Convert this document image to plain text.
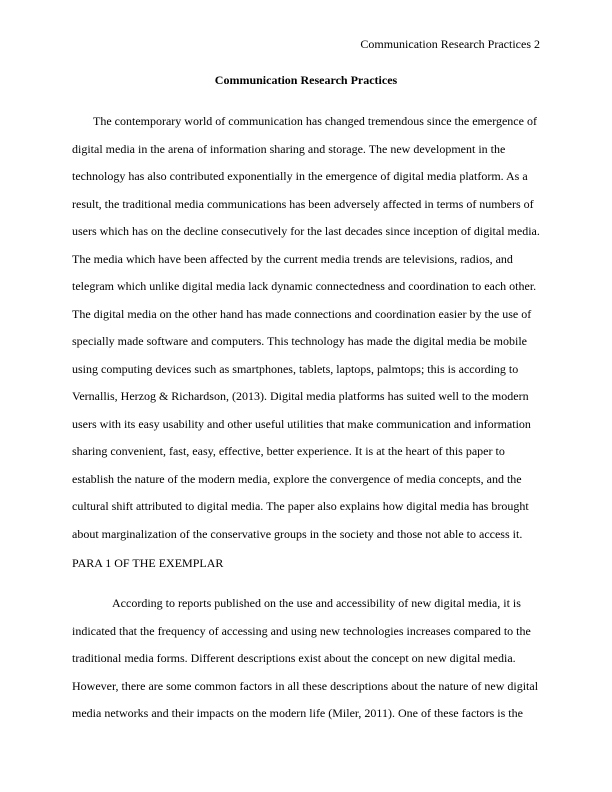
Communication Research Practices 2
Communication Research Practices
The contemporary world of communication has changed tremendous since the emergence of
digital media in the arena of information sharing and storage. The new development in the
technology has also contributed exponentially in the emergence of digital media platform. As a
result, the traditional media communications has been adversely affected in terms of numbers of
users which has on the decline consecutively for the last decades since inception of digital media.
The media which have been affected by the current media trends are televisions, radios, and
telegram which unlike digital media lack dynamic connectedness and coordination to each other.
The digital media on the other hand has made connections and coordination easier by the use of
specially made software and computers. This technology has made the digital media be mobile
using computing devices such as smartphones, tablets, laptops, palmtops; this is according to
Vernallis, Herzog & Richardson, (2013). Digital media platforms has suited well to the modern
users with its easy usability and other useful utilities that make communication and information
sharing convenient, fast, easy, effective, better experience. It is at the heart of this paper to
establish the nature of the modern media, explore the convergence of media concepts, and the
cultural shift attributed to digital media. The paper also explains how digital media has brought
about marginalization of the conservative groups in the society and those not able to access it.
PARA 1 OF THE EXEMPLAR
According to reports published on the use and accessibility of new digital media, it is
indicated that the frequency of accessing and using new technologies increases compared to the
traditional media forms. Different descriptions exist about the concept on new digital media.
However, there are some common factors in all these descriptions about the nature of new digital
media networks and their impacts on the modern life (Miler, 2011). One of these factors is the
